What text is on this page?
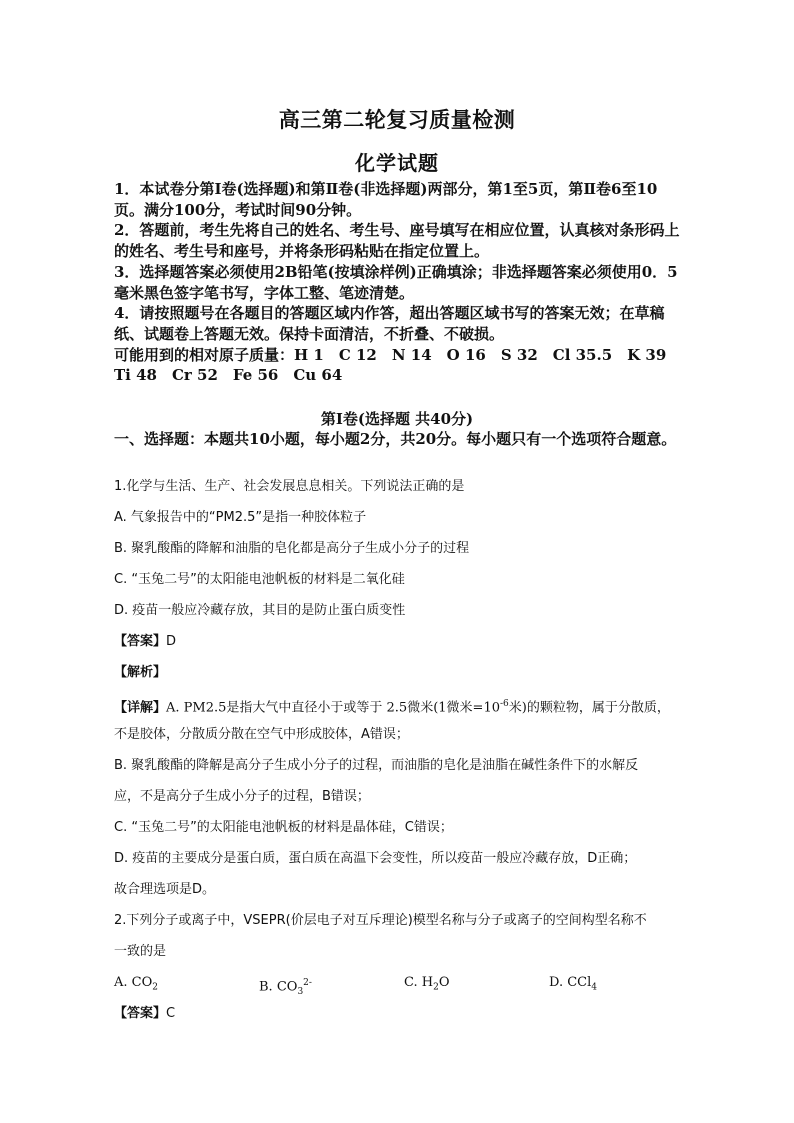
高三第二轮复习质量检测
化学试题

1．本试卷分第Ⅰ卷(选择题)和第Ⅱ卷(非选择题)两部分，第1至5页，第Ⅱ卷6至10页。满分100分，考试时间90分钟。

2．答题前，考生先将自己的姓名、考生号、座号填写在相应位置，认真核对条形码上的姓名、考生号和座号，并将条形码粘贴在指定位置上。

3．选择题答案必须使用2B铅笔(按填涂样例)正确填涂；非选择题答案必须使用0．5毫米黑色签字笔书写，字体工整、笔迹清楚。

4．请按照题号在各题目的答题区域内作答，超出答题区域书写的答案无效；在草稿纸、试题卷上答题无效。保持卡面清洁，不折叠、不破损。

可能用到的相对原子质量：H 1　C 12　N 14　O 16　S 32　Cl 35.5　K 39　Ti 48　Cr 52　Fe 56　Cu 64

第Ⅰ卷(选择题 共40分)

一、选择题：本题共10小题，每小题2分，共20分。每小题只有一个选项符合题意。

1.化学与生活、生产、社会发展息息相关。下列说法正确的是
A. 气象报告中的“PM2.5”是指一种胶体粒子
B. 聚乳酸酯的降解和油脂的皂化都是高分子生成小分子的过程
C. “玉兔二号”的太阳能电池帆板的材料是二氧化硅
D. 疫苗一般应冷藏存放，其目的是防止蛋白质变性
【答案】D
【解析】
【详解】A. PM2.5是指大气中直径小于或等于 2.5微米(1微米$=10^{-6}$米)的颗粒物，属于分散质，
不是胶体，分散质分散在空气中形成胶体，A错误；
B. 聚乳酸酯的降解是高分子生成小分子的过程，而油脂的皂化是油脂在碱性条件下的水解反
应，不是高分子生成小分子的过程，B错误；
C. “玉兔二号”的太阳能电池帆板的材料是晶体硅，C错误；
D. 疫苗的主要成分是蛋白质，蛋白质在高温下会变性，所以疫苗一般应冷藏存放，D正确；
故合理选项是D。
2.下列分子或离子中，VSEPR(价层电子对互斥理论)模型名称与分子或离子的空间构型名称不
一致的是
A. $CO_2$	B. $CO_3^{2-}$	C. $H_2O$	D. CCl$_4$
【答案】C
